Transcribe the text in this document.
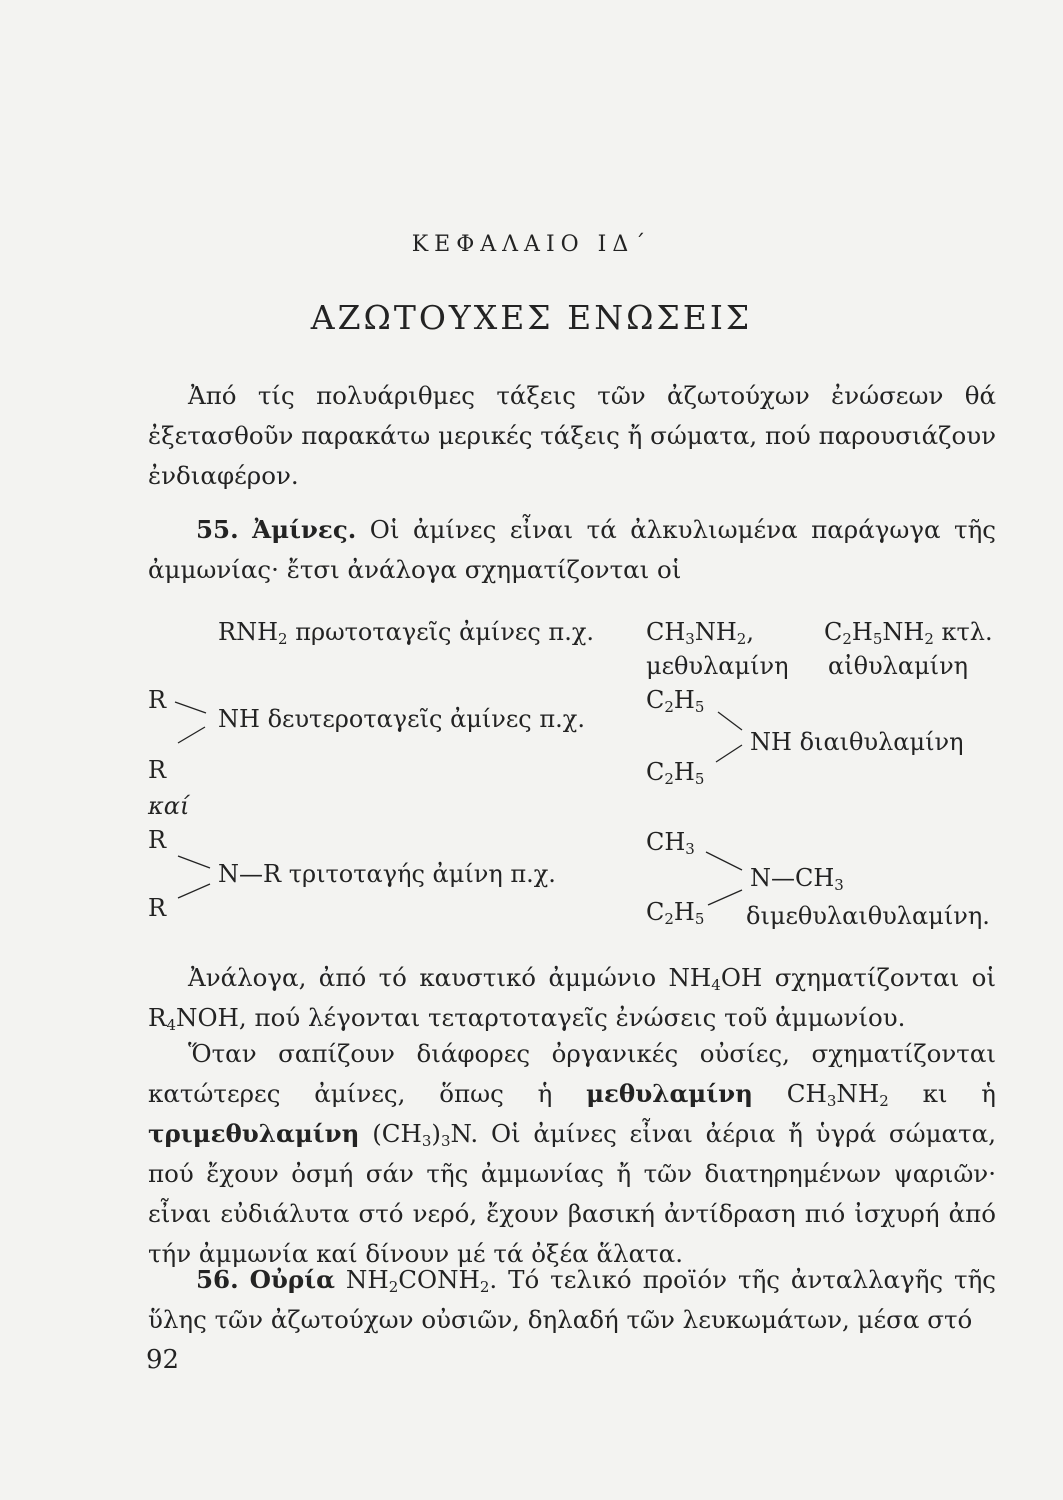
ΚΕΦΑΛΑΙΟ ΙΔ΄
ΑΖΩΤΟΥΧΕΣ ΕΝΩΣΕΙΣ
Ἀπό τίς πολυάριθμες τάξεις τῶν ἀζωτούχων ἐνώσεων θά ἐξετασθοῦν παρακάτω μερικές τάξεις ἤ σώματα, πού παρουσιάζουν ἐνδιαφέρον.
55. Ἀμίνες. Οἱ ἀμίνες εἶναι τά ἀλκυλιωμένα παράγωγα τῆς ἀμμωνίας· ἔτσι ἀνάλογα σχηματίζονται οἱ
$RNH_2$ πρωτοταγεῖς ἀμίνες π.χ. $CH_3NH_2$,	$C_2H_5NH_2$ κτλ.
μεθυλαμίνη αἰθυλαμίνη
R
R
NH δευτεροταγεῖς ἀμίνες π.χ.
$C_2H_5$
NH διαιθυλαμίνη
$C_2H_5$
καί
R
R
N—R τριτοταγής ἀμίνη π.χ.
$CH_3$
$N—CH_3$
$C_2H_5$ διμεθυλαιθυλαμίνη.
Ἀνάλογα, ἀπό τό καυστικό ἀμμώνιο $NH_4OH$ σχηματίζονται οἱ $R_4NOH$, πού λέγονται τεταρτοταγεῖς ἐνώσεις τοῦ ἀμμωνίου.
Ὅταν σαπίζουν διάφορες ὀργανικές οὐσίες, σχηματίζονται κατώτερες ἀμίνες, ὅπως ἡ μεθυλαμίνη $CH_3NH_2$ κι ἡ τριμεθυλαμίνη $(CH_3)_3N$. Οἱ ἀμίνες εἶναι ἀέρια ἤ ὑγρά σώματα, πού ἔχουν ὀσμή σάν τῆς ἀμμωνίας ἤ τῶν διατηρημένων ψαριῶν· εἶναι εὐδιάλυτα στό νερό, ἔχουν βασική ἀντίδραση πιό ἰσχυρή ἀπό τήν ἀμμωνία καί δίνουν μέ τά ὀξέα ἅλατα.
56. Οὐρία $NH_2CONH_2$. Τό τελικό προϊόν τῆς ἀνταλλαγῆς τῆς ὕλης τῶν ἀζωτούχων οὐσιῶν, δηλαδή τῶν λευκωμάτων, μέσα στό
92
